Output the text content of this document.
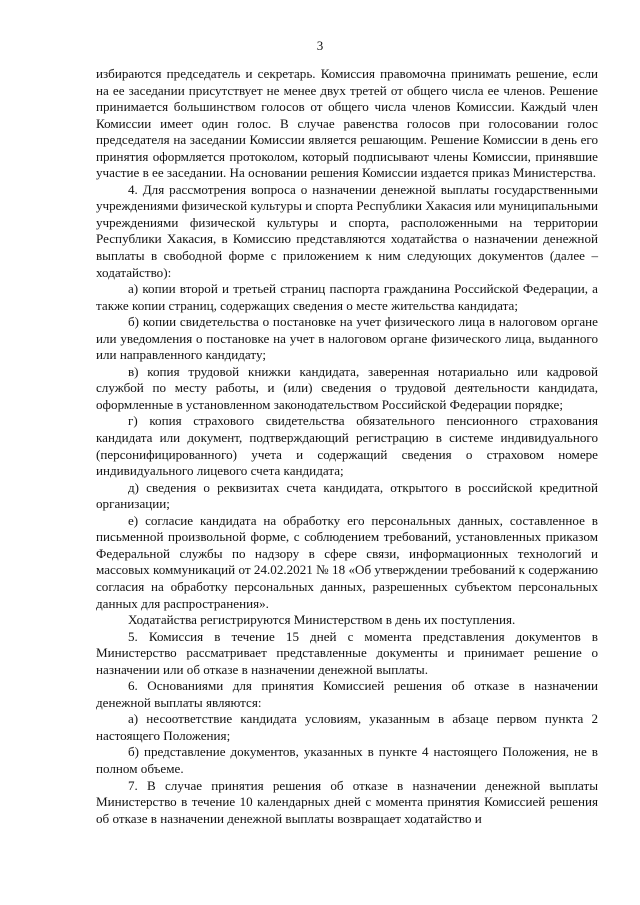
3

избираются председатель и секретарь. Комиссия правомочна принимать решение, если на ее заседании присутствует не менее двух третей от общего числа ее членов. Решение принимается большинством голосов от общего числа членов Комиссии. Каждый член Комиссии имеет один голос. В случае равенства голосов при голосовании голос председателя на заседании Комиссии является решающим. Решение Комиссии в день его принятия оформляется протоколом, который подписывают члены Комиссии, принявшие участие в ее заседании. На основании решения Комиссии издается приказ Министерства.

4. Для рассмотрения вопроса о назначении денежной выплаты государственными учреждениями физической культуры и спорта Республики Хакасия или муниципальными учреждениями физической культуры и спорта, расположенными на территории Республики Хакасия, в Комиссию представляются ходатайства о назначении денежной выплаты в свободной форме с приложением к ним следующих документов (далее – ходатайство):

а) копии второй и третьей страниц паспорта гражданина Российской Федерации, а также копии страниц, содержащих сведения о месте жительства кандидата;

б) копии свидетельства о постановке на учет физического лица в налоговом органе или уведомления о постановке на учет в налоговом органе физического лица, выданного или направленного кандидату;

в) копия трудовой книжки кандидата, заверенная нотариально или кадровой службой по месту работы, и (или) сведения о трудовой деятельности кандидата, оформленные в установленном законодательством Российской Федерации порядке;

г) копия страхового свидетельства обязательного пенсионного страхования кандидата или документ, подтверждающий регистрацию в системе индивидуального (персонифицированного) учета и содержащий сведения о страховом номере индивидуального лицевого счета кандидата;

д) сведения о реквизитах счета кандидата, открытого в российской кредитной организации;

е) согласие кандидата на обработку его персональных данных, составленное в письменной произвольной форме, с соблюдением требований, установленных приказом Федеральной службы по надзору в сфере связи, информационных технологий и массовых коммуникаций от 24.02.2021 № 18 «Об утверждении требований к содержанию согласия на обработку персональных данных, разрешенных субъектом персональных данных для распространения».

Ходатайства регистрируются Министерством в день их поступления.

5. Комиссия в течение 15 дней с момента представления документов в Министерство рассматривает представленные документы и принимает решение о назначении или об отказе в назначении денежной выплаты.

6. Основаниями для принятия Комиссией решения об отказе в назначении денежной выплаты являются:

а) несоответствие кандидата условиям, указанным в абзаце первом пункта 2 настоящего Положения;

б) представление документов, указанных в пункте 4 настоящего Положения, не в полном объеме.

7. В случае принятия решения об отказе в назначении денежной выплаты Министерство в течение 10 календарных дней с момента принятия Комиссией решения об отказе в назначении денежной выплаты возвращает ходатайство и
